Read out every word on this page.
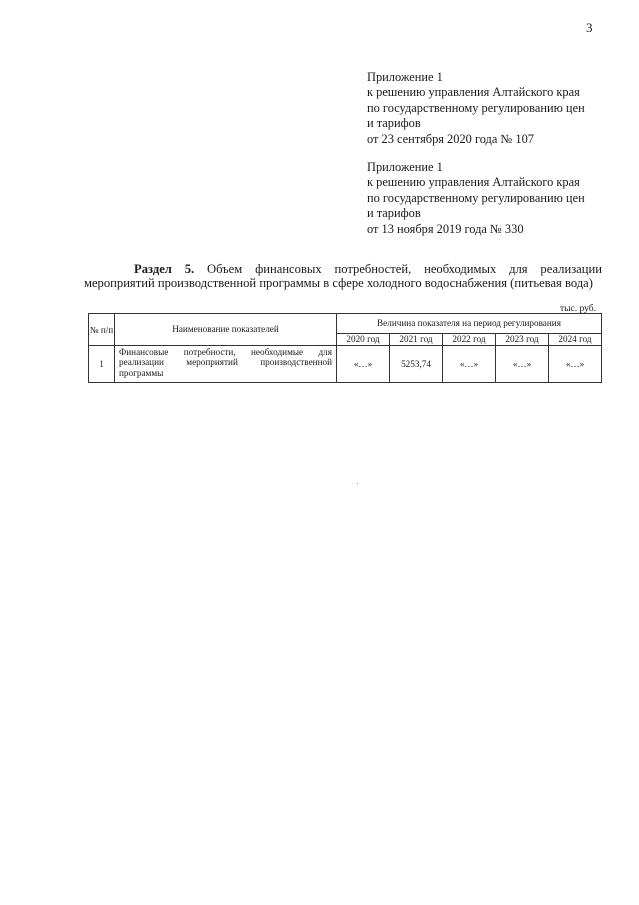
3
Приложение 1
к решению управления Алтайского края
по государственному регулированию цен
и тарифов
от 23 сентября 2020 года № 107
Приложение 1
к решению управления Алтайского края
по государственному регулированию цен
и тарифов
от 13 ноября 2019 года № 330
Раздел 5. Объем финансовых потребностей, необходимых для реализации
мероприятий производственной программы в сфере холодного водоснабжения (питьевая вода)
тыс. руб.
№ п/п	Наименование показателей	Величина показателя на период регулирования				
		2020 год	2021 год	2022 год	2023 год	2024 год
1	Финансовые потребности, необходимые для реализации мероприятий производственной программы	«…»	5253,74	«…»	«…»	«…»
